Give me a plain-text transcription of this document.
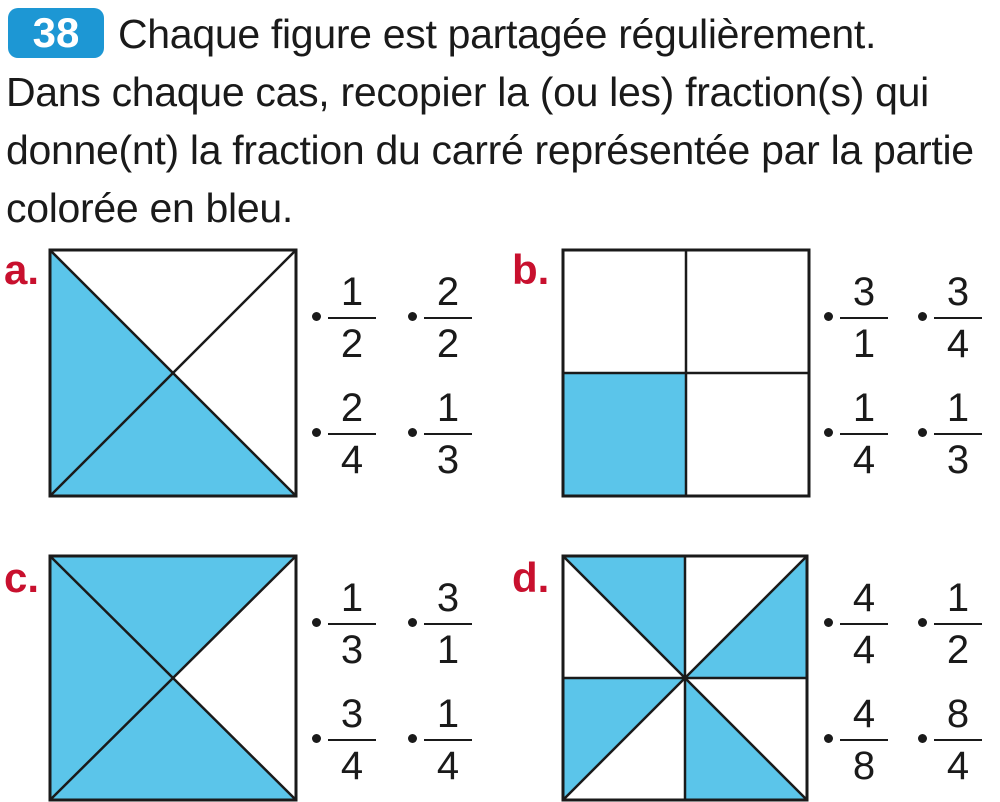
38 Chaque figure est partagée régulièrement.
Dans chaque cas, recopier la (ou les) fraction(s) qui
donne(nt) la fraction du carré représentée par la partie
colorée en bleu.
a.	1
2
2
2
2
4
1
3
b.	3
1
3
4
1
4
1
3
c.	1
3
3
1
3
4
1
4
d.	4
4
1
2
4
8
8
4
